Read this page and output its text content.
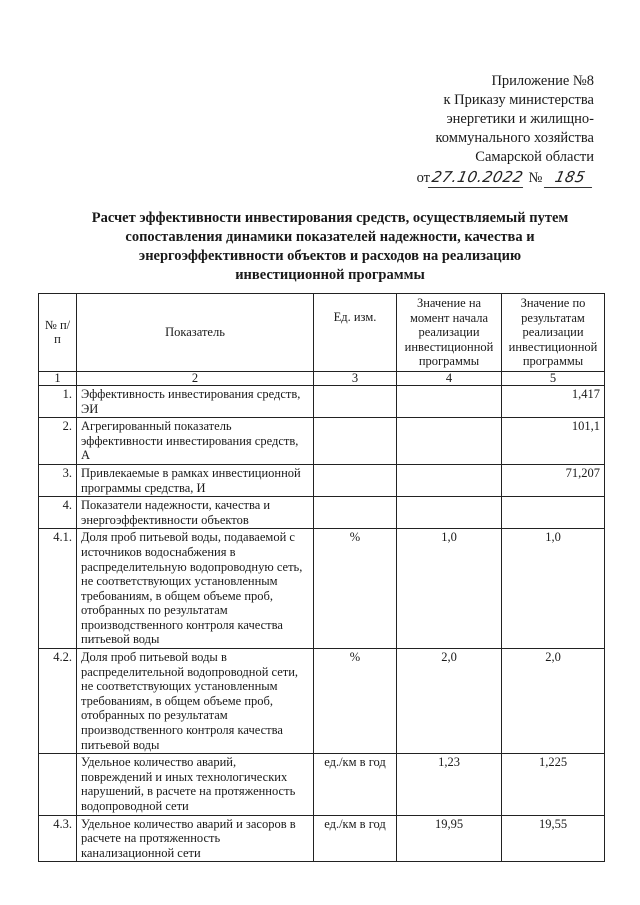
Приложение №8
к Приказу министерства
энергетики и жилищно-
коммунального хозяйства
Самарской области
от27.10.2022 № 185
Расчет эффективности инвестирования средств, осуществляемый путем
сопоставления динамики показателей надежности, качества и
энергоэффективности объектов и расходов на реализацию
инвестиционной программы
№ п/п	Показатель	Ед. изм.	Значение на момент начала реализации инвестиционной программы	Значение по результатам реализации инвестиционной программы
1	2	3	4	5
1.	Эффективность инвестирования средств, ЭИ			1,417
2.	Агрегированный показатель эффективности инвестирования средств, А			101,1
3.	Привлекаемые в рамках инвестиционной программы средства, И			71,207
4.	Показатели надежности, качества и энергоэффективности объектов			
4.1.	Доля проб питьевой воды, подаваемой с источников водоснабжения в распределительную водопроводную сеть, не соответствующих установленным требованиям, в общем объеме проб, отобранных по результатам производственного контроля качества питьевой воды	%	1,0	1,0
4.2.	Доля проб питьевой воды в распределительной водопроводной сети, не соответствующих установленным требованиям, в общем объеме проб, отобранных по результатам производственного контроля качества питьевой воды	%	2,0	2,0
	Удельное количество аварий, повреждений и иных технологических нарушений, в расчете на протяженность водопроводной сети	ед./км в год	1,23	1,225
4.3.	Удельное количество аварий и засоров в расчете на протяженность канализационной сети	ед./км в год	19,95	19,55
